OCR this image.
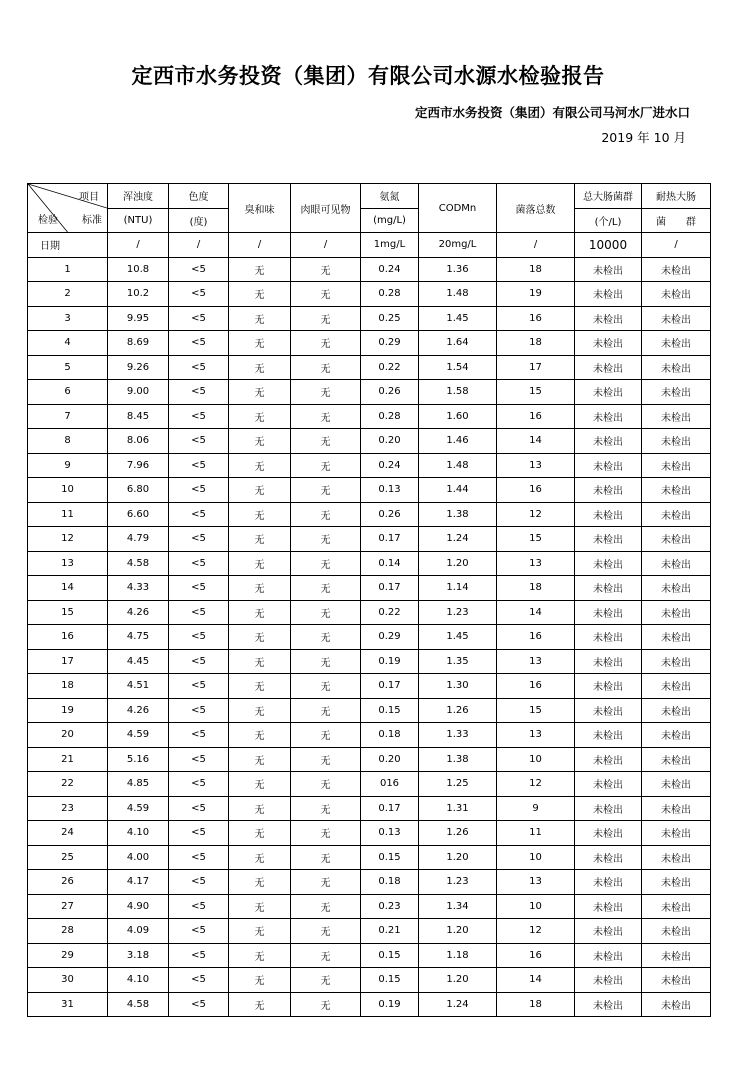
定西市水务投资（集团）有限公司水源水检验报告
定西市水务投资（集团）有限公司马河水厂进水口
2019 年 10 月
项目
检验 标准	浑浊度	色度	臭和味	肉眼可见物	氨氮	CODMn	菌落总数	总大肠菌群	耐热大肠
	(NTU)	(度)			(mg/L)			(个/L)	菌　　群
日期	/	/	/	/	1mg/L	20mg/L	/	10000	/
1	10.8	<5	无	无	0.24	1.36	18	未检出	未检出
2	10.2	<5	无	无	0.28	1.48	19	未检出	未检出
3	9.95	<5	无	无	0.25	1.45	16	未检出	未检出
4	8.69	<5	无	无	0.29	1.64	18	未检出	未检出
5	9.26	<5	无	无	0.22	1.54	17	未检出	未检出
6	9.00	<5	无	无	0.26	1.58	15	未检出	未检出
7	8.45	<5	无	无	0.28	1.60	16	未检出	未检出
8	8.06	<5	无	无	0.20	1.46	14	未检出	未检出
9	7.96	<5	无	无	0.24	1.48	13	未检出	未检出
10	6.80	<5	无	无	0.13	1.44	16	未检出	未检出
11	6.60	<5	无	无	0.26	1.38	12	未检出	未检出
12	4.79	<5	无	无	0.17	1.24	15	未检出	未检出
13	4.58	<5	无	无	0.14	1.20	13	未检出	未检出
14	4.33	<5	无	无	0.17	1.14	18	未检出	未检出
15	4.26	<5	无	无	0.22	1.23	14	未检出	未检出
16	4.75	<5	无	无	0.29	1.45	16	未检出	未检出
17	4.45	<5	无	无	0.19	1.35	13	未检出	未检出
18	4.51	<5	无	无	0.17	1.30	16	未检出	未检出
19	4.26	<5	无	无	0.15	1.26	15	未检出	未检出
20	4.59	<5	无	无	0.18	1.33	13	未检出	未检出
21	5.16	<5	无	无	0.20	1.38	10	未检出	未检出
22	4.85	<5	无	无	016	1.25	12	未检出	未检出
23	4.59	<5	无	无	0.17	1.31	9	未检出	未检出
24	4.10	<5	无	无	0.13	1.26	11	未检出	未检出
25	4.00	<5	无	无	0.15	1.20	10	未检出	未检出
26	4.17	<5	无	无	0.18	1.23	13	未检出	未检出
27	4.90	<5	无	无	0.23	1.34	10	未检出	未检出
28	4.09	<5	无	无	0.21	1.20	12	未检出	未检出
29	3.18	<5	无	无	0.15	1.18	16	未检出	未检出
30	4.10	<5	无	无	0.15	1.20	14	未检出	未检出
31	4.58	<5	无	无	0.19	1.24	18	未检出	未检出
